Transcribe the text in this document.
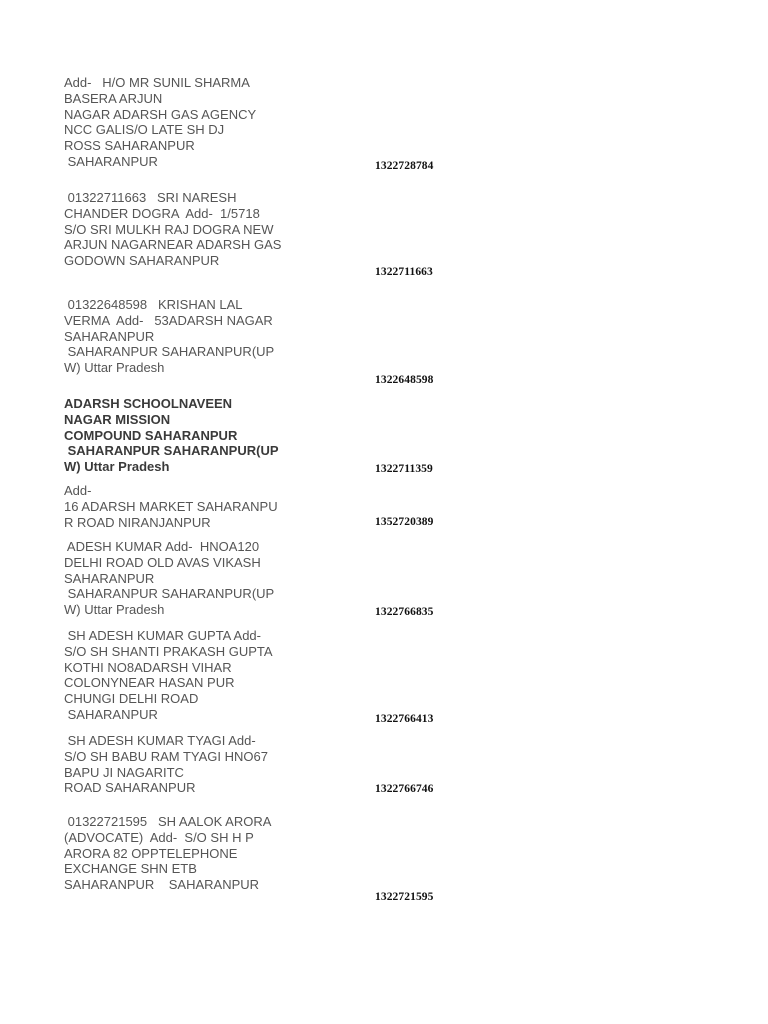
Add-   H/O MR SUNIL SHARMA
BASERA ARJUN
NAGAR ADARSH GAS AGENCY
NCC GALIS/O LATE SH DJ
ROSS SAHARANPUR
SAHARANPUR	1322728784
01322711663   SRI NARESH
CHANDER DOGRA  Add-  1/5718
S/O SRI MULKH RAJ DOGRA NEW
ARJUN NAGARNEAR ADARSH GAS
GODOWN SAHARANPUR
1322711663
01322648598   KRISHAN LAL
VERMA  Add-   53ADARSH NAGAR
SAHARANPUR
SAHARANPUR SAHARANPUR(UP
W) Uttar Pradesh
1322648598
ADARSH SCHOOLNAVEEN
NAGAR MISSION
COMPOUND SAHARANPUR
SAHARANPUR SAHARANPUR(UP
W) Uttar Pradesh	1322711359
Add-
16 ADARSH MARKET SAHARANPU
R ROAD NIRANJANPUR	1352720389
ADESH KUMAR Add-  HNOA120
DELHI ROAD OLD AVAS VIKASH
SAHARANPUR
SAHARANPUR SAHARANPUR(UP
W) Uttar Pradesh	1322766835
SH ADESH KUMAR GUPTA Add-
S/O SH SHANTI PRAKASH GUPTA
KOTHI NO8ADARSH VIHAR
COLONYNEAR HASAN PUR
CHUNGI DELHI ROAD
SAHARANPUR	1322766413
SH ADESH KUMAR TYAGI Add-
S/O SH BABU RAM TYAGI HNO67
BAPU JI NAGARITC
ROAD SAHARANPUR	1322766746
01322721595   SH AALOK ARORA
(ADVOCATE)  Add-  S/O SH H P
ARORA 82 OPPTELEPHONE
EXCHANGE SHN ETB
SAHARANPUR    SAHARANPUR
1322721595
